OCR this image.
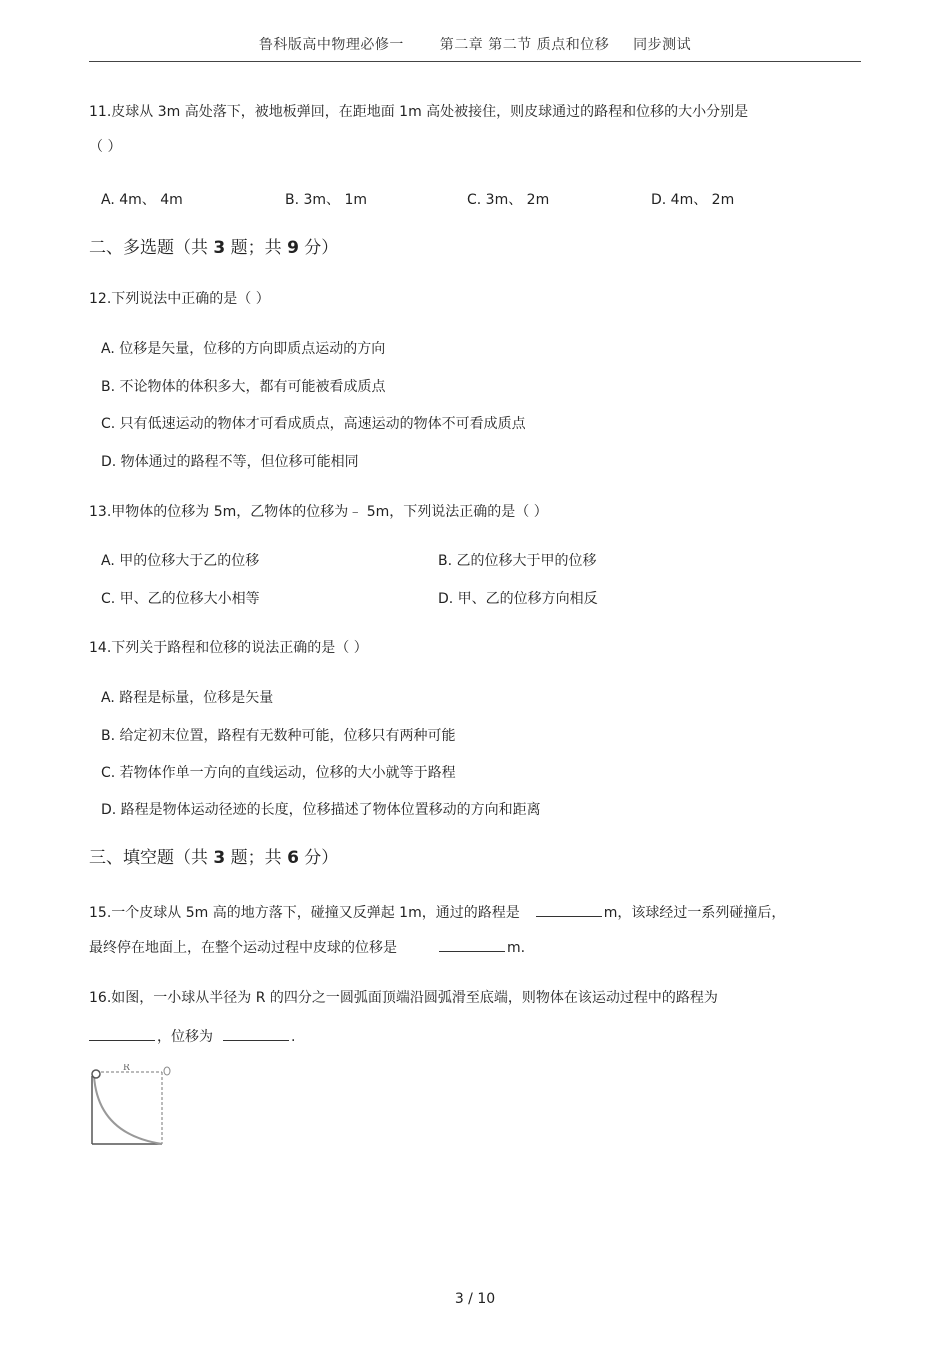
鲁科版高中物理必修一	第二章 第二节 质点和位移 同步测试
11.皮球从 3m 高处落下，被地板弹回，在距地面 1m 高处被接住，则皮球通过的路程和位移的大小分别是
（ ）
A. 4m、 4m	B. 3m、 1m	C. 3m、 2m	D. 4m、 2m
二、多选题（共 3 题；共 9 分）
12.下列说法中正确的是（ ）
A. 位移是矢量，位移的方向即质点运动的方向
B. 不论物体的体积多大，都有可能被看成质点
C. 只有低速运动的物体才可看成质点，高速运动的物体不可看成质点
D. 物体通过的路程不等，但位移可能相同
13.甲物体的位移为 5m，乙物体的位移为﹣ 5m，下列说法正确的是（ ）
A. 甲的位移大于乙的位移	B. 乙的位移大于甲的位移
C. 甲、乙的位移大小相等	D. 甲、乙的位移方向相反
14.下列关于路程和位移的说法正确的是（ ）
A. 路程是标量，位移是矢量
B. 给定初末位置，路程有无数种可能，位移只有两种可能
C. 若物体作单一方向的直线运动，位移的大小就等于路程
D. 路程是物体运动径迹的长度，位移描述了物体位置移动的方向和距离
三、填空题（共 3 题；共 6 分）
15.一个皮球从 5m 高的地方落下，碰撞又反弹起 1m，通过的路程是	m，该球经过一系列碰撞后，
最终停在地面上，在整个运动过程中皮球的位移是	m.
16.如图，一小球从半径为 R 的四分之一圆弧面顶端沿圆弧滑至底端，则物体在该运动过程中的路程为
，位移为	.
R
3 / 10
